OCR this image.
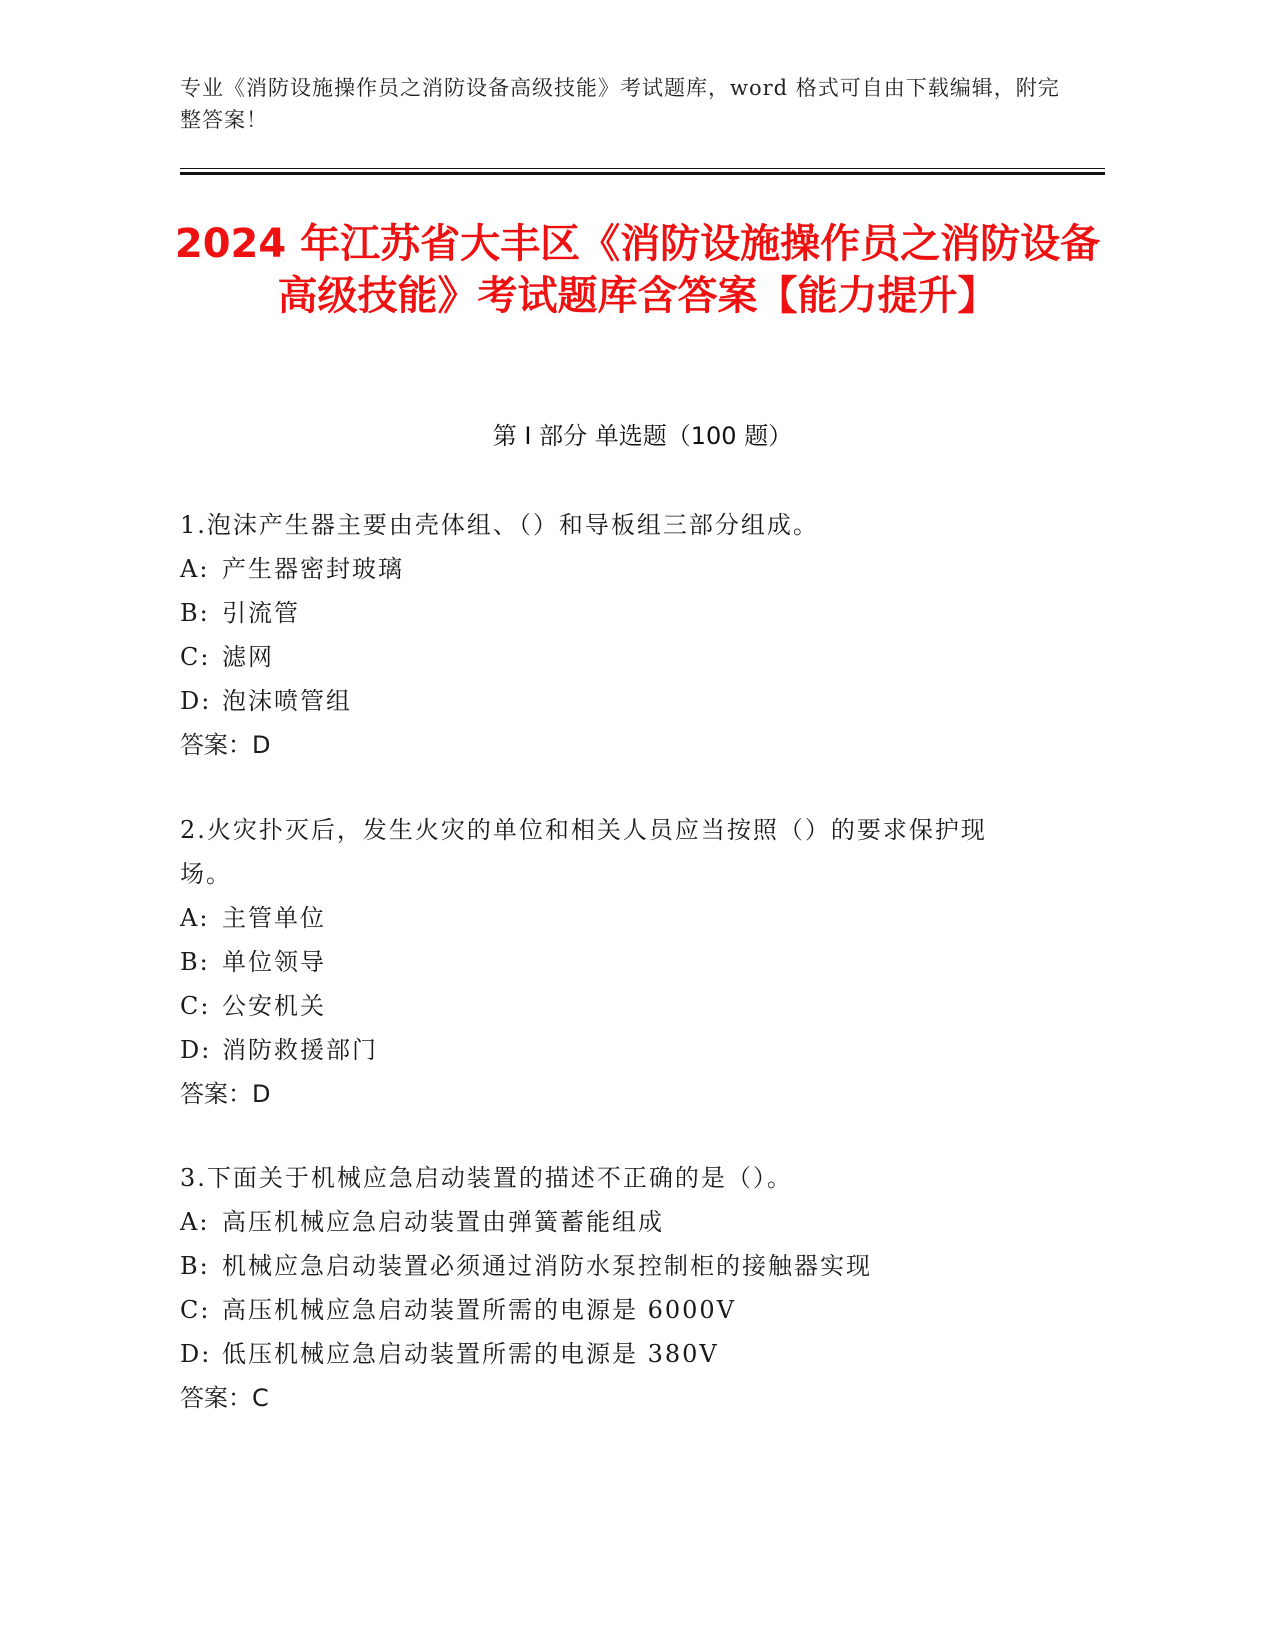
专业《消防设施操作员之消防设备高级技能》考试题库，word 格式可自由下载编辑，附完整答案！
2024 年江苏省大丰区《消防设施操作员之消防设备高级技能》考试题库含答案【能力提升】
第 I 部分 单选题（100 题）

1.泡沫产生器主要由壳体组、（）和导板组三部分组成。

A: 产生器密封玻璃

B: 引流管

C: 滤网

D: 泡沫喷管组

答案：D

2.火灾扑灭后，发生火灾的单位和相关人员应当按照（）的要求保护现场。

A: 主管单位

B: 单位领导

C: 公安机关

D: 消防救援部门

答案：D

3.下面关于机械应急启动装置的描述不正确的是（）。

A: 高压机械应急启动装置由弹簧蓄能组成

B: 机械应急启动装置必须通过消防水泵控制柜的接触器实现

C: 高压机械应急启动装置所需的电源是 6000V

D: 低压机械应急启动装置所需的电源是 380V

答案：C
